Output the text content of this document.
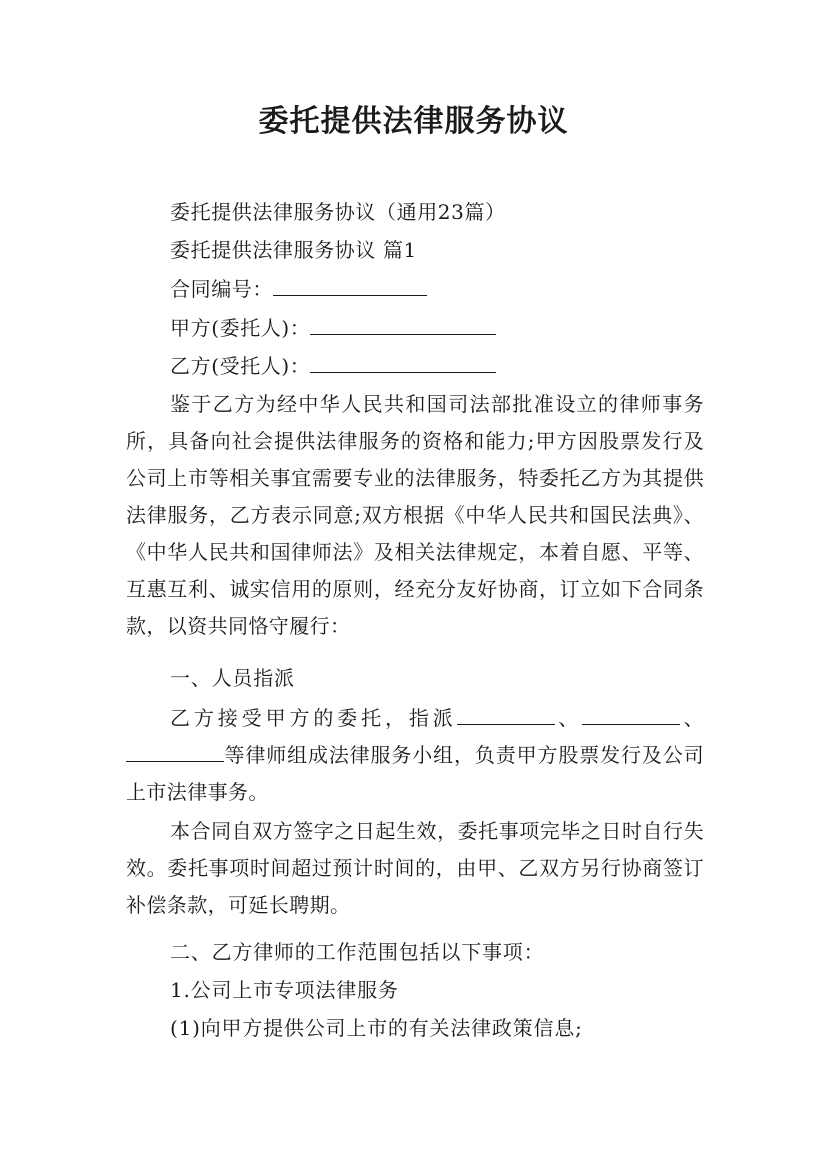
委托提供法律服务协议
委托提供法律服务协议（通用23篇）
委托提供法律服务协议 篇1
合同编号：
甲方(委托人)：
乙方(受托人)：
鉴于乙方为经中华人民共和国司法部批准设立的律师事务所，具备向社会提供法律服务的资格和能力;甲方因股票发行及公司上市等相关事宜需要专业的法律服务，特委托乙方为其提供法律服务，乙方表示同意;双方根据《中华人民共和国民法典》、《中华人民共和国律师法》及相关法律规定，本着自愿、平等、互惠互利、诚实信用的原则，经充分友好协商，订立如下合同条款，以资共同恪守履行：
一、人员指派
乙方接受甲方的委托，指派	、	、等律师组成法律服务小组，负责甲方股票发行及公司上市法律事务。
本合同自双方签字之日起生效，委托事项完毕之日时自行失效。委托事项时间超过预计时间的，由甲、乙双方另行协商签订补偿条款，可延长聘期。
二、乙方律师的工作范围包括以下事项：
1.公司上市专项法律服务
(1)向甲方提供公司上市的有关法律政策信息;
